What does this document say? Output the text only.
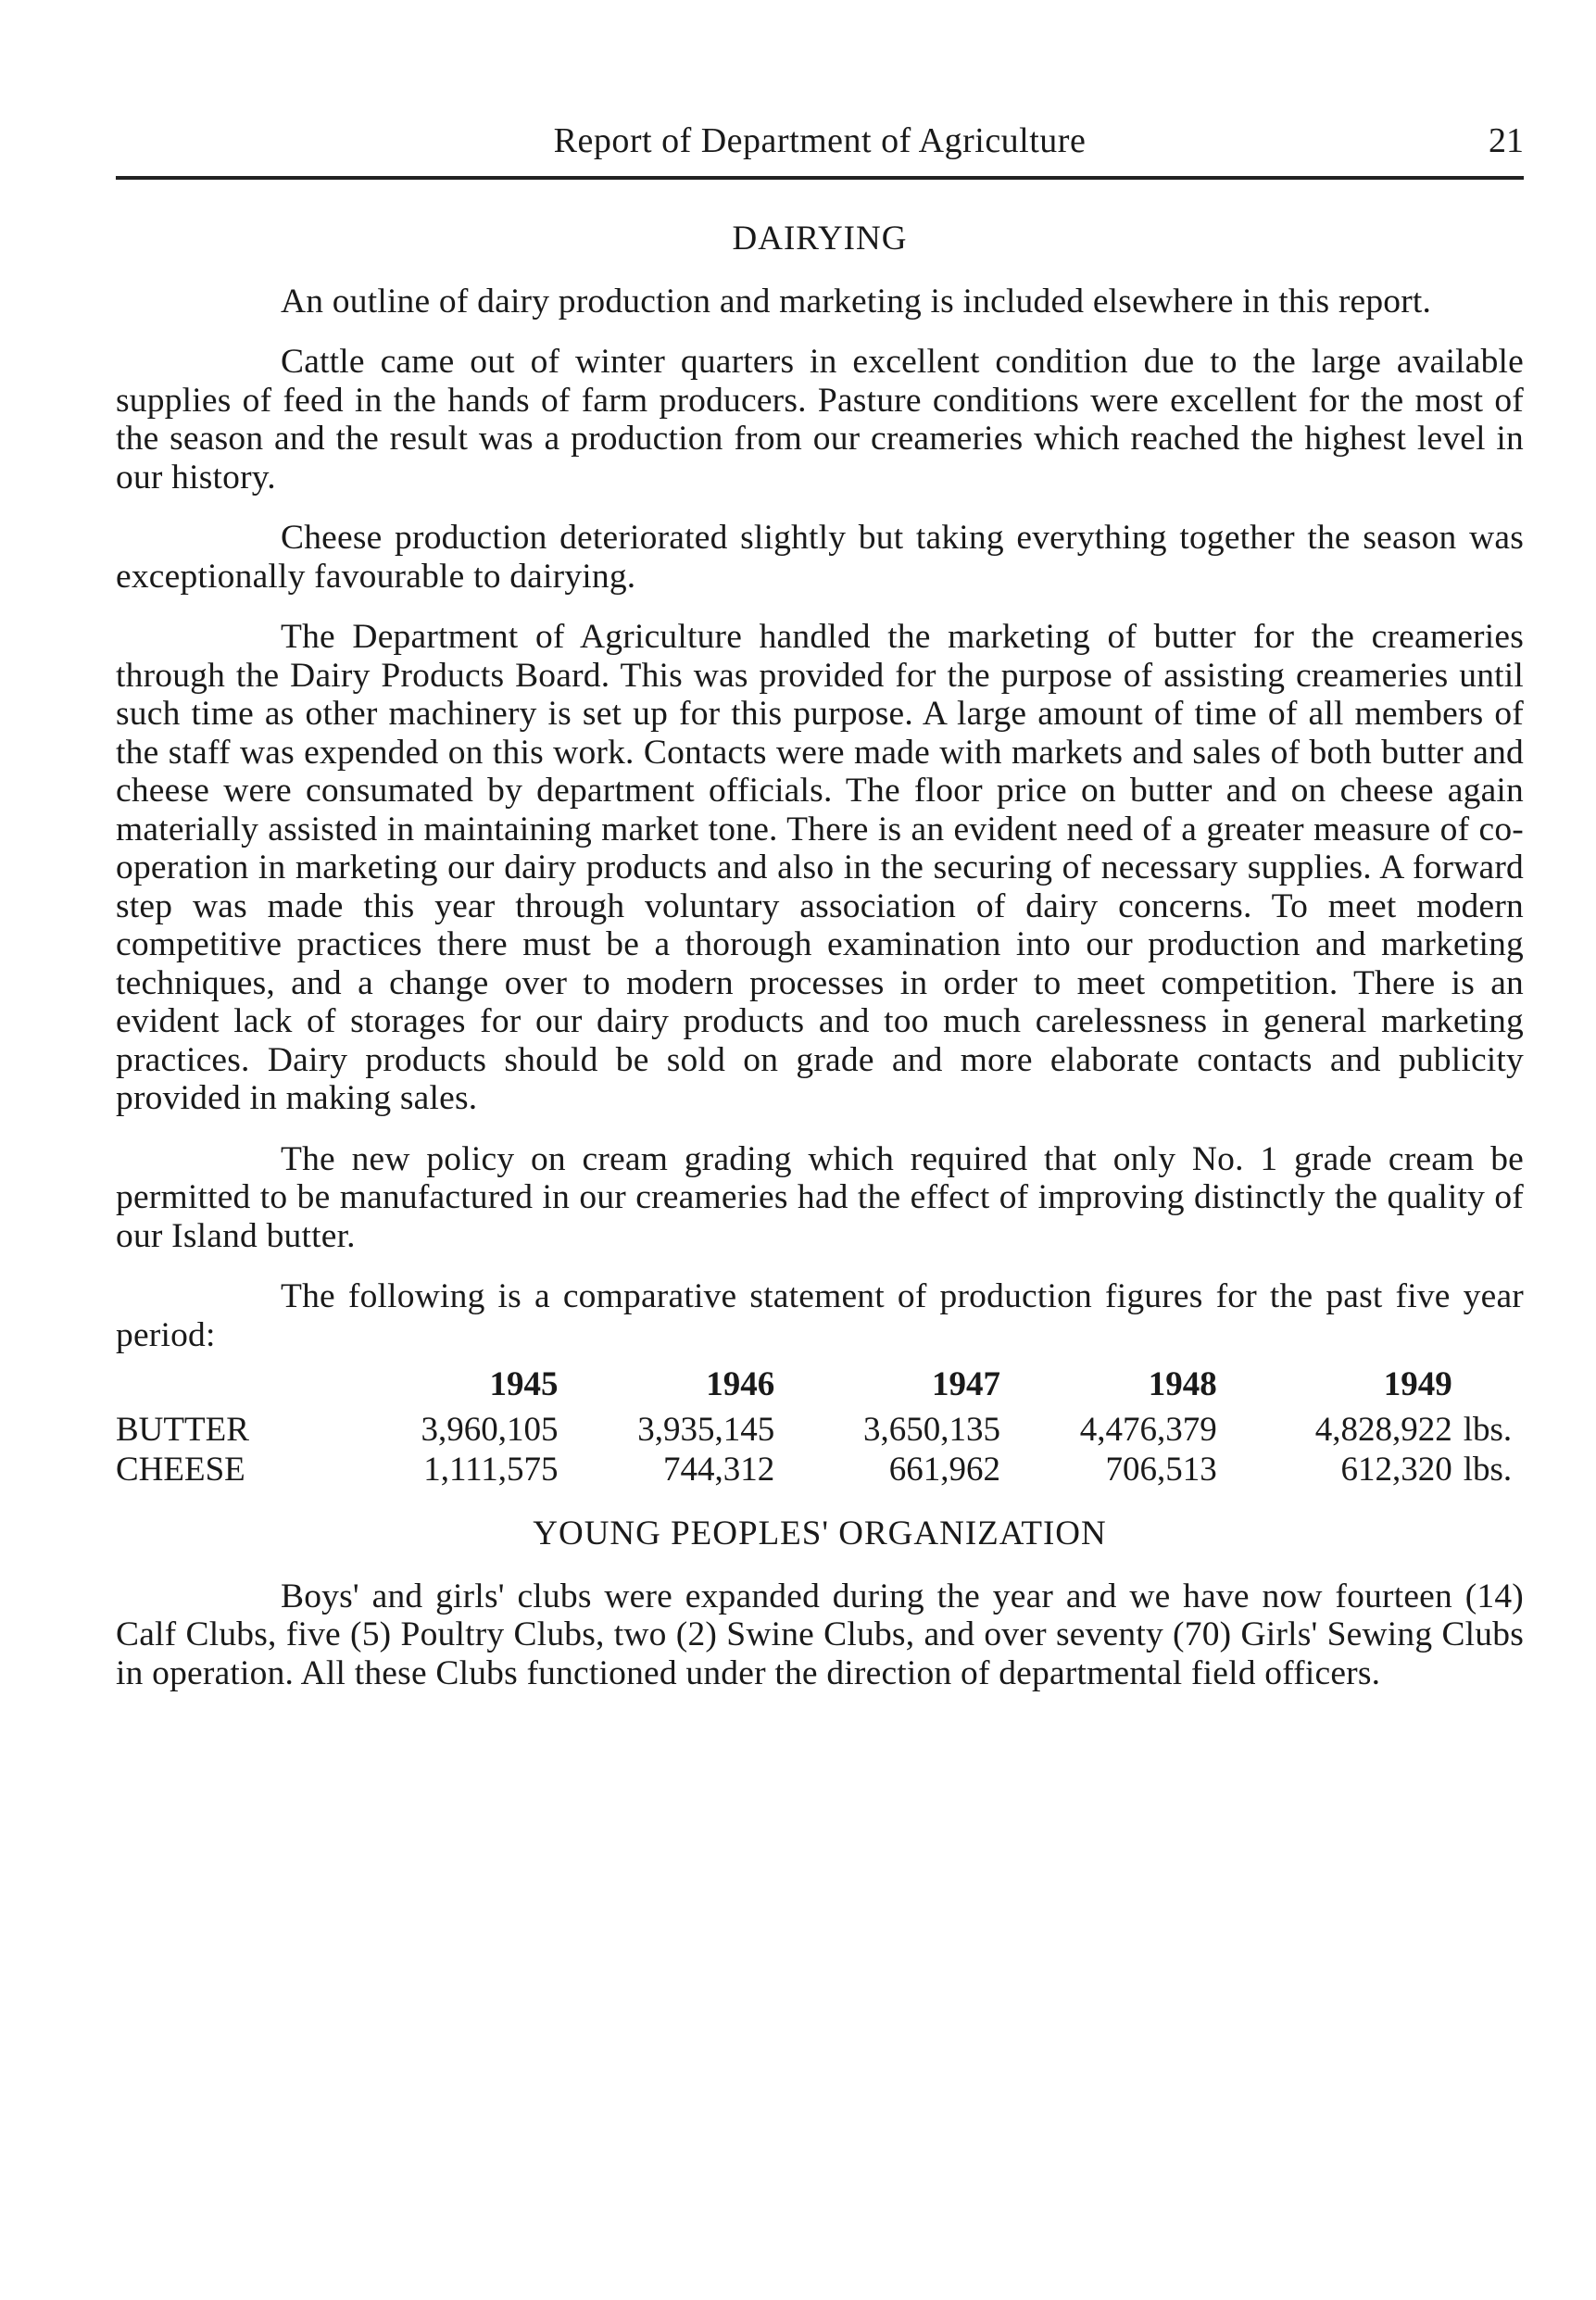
Report of Department of Agriculture	21
DAIRYING

An outline of dairy production and marketing is included elsewhere in this report.

Cattle came out of winter quarters in excellent condition due to the large available supplies of feed in the hands of farm producers. Pasture conditions were excellent for the most of the season and the result was a production from our creameries which reached the highest level in our history.

Cheese production deteriorated slightly but taking everything together the season was exceptionally favourable to dairying.

The Department of Agriculture handled the marketing of butter for the creameries through the Dairy Products Board. This was provided for the purpose of assisting creameries until such time as other machinery is set up for this purpose. A large amount of time of all members of the staff was expended on this work. Contacts were made with markets and sales of both butter and cheese were consumated by department officials. The floor price on butter and on cheese again materially assisted in maintaining market tone. There is an evident need of a greater measure of co-operation in marketing our dairy products and also in the securing of necessary supplies. A forward step was made this year through voluntary association of dairy concerns. To meet modern competitive practices there must be a thorough examination into our production and marketing techniques, and a change over to modern processes in order to meet competition. There is an evident lack of storages for our dairy products and too much carelessness in general marketing practices. Dairy products should be sold on grade and more elaborate contacts and publicity provided in making sales.

The new policy on cream grading which required that only No. 1 grade cream be permitted to be manufactured in our creameries had the effect of improving distinctly the quality of our Island butter.

The following is a comparative statement of production figures for the past five year period:

	1945	1946	1947	1948	1949	
BUTTER	3,960,105	3,935,145	3,650,135	4,476,379	4,828,922	lbs.
CHEESE	1,111,575	744,312	661,962	706,513	612,320	lbs.
YOUNG PEOPLES' ORGANIZATION

Boys' and girls' clubs were expanded during the year and we have now fourteen (14) Calf Clubs, five (5) Poultry Clubs, two (2) Swine Clubs, and over seventy (70) Girls' Sewing Clubs in operation. All these Clubs functioned under the direction of departmental field officers.
